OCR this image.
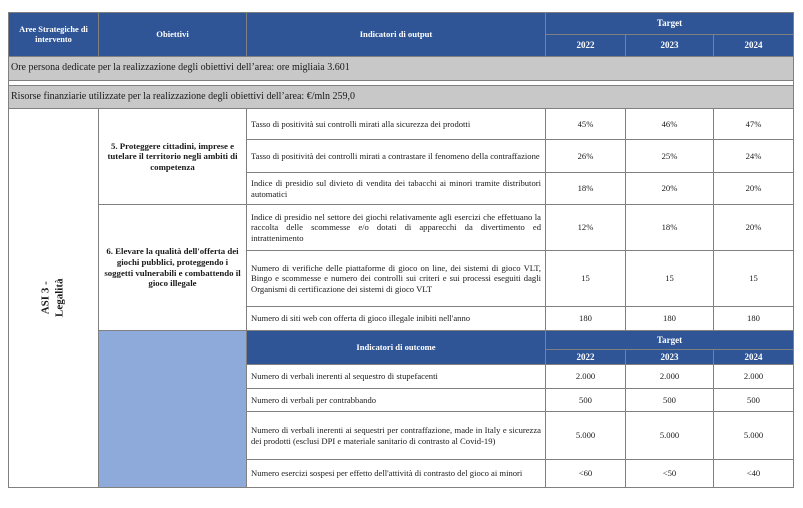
Aree Strategiche di intervento	Obiettivi	Indicatori di output	Target		
			2022	2023	2024
Ore persona dedicate per la realizzazione degli obiettivi dell’area: ore migliaia 3.601					

Risorse finanziarie utilizzate per la realizzazione degli obiettivi dell’area: €/mln 259,0					

ASI 3 - Legalità	5. Proteggere cittadini, imprese e tutelare il territorio negli ambiti di competenza	Tasso di positività sui controlli mirati alla sicurezza dei prodotti	45%	46%	47%
		Tasso di positività dei controlli mirati a contrastare il fenomeno della contraffazione	26%	25%	24%
		Indice di presidio sul divieto di vendita dei tabacchi ai minori tramite distributori automatici	18%	20%	20%
	6. Elevare la qualità dell'offerta dei giochi pubblici, proteggendo i soggetti vulnerabili e combattendo il gioco illegale	Indice di presidio nel settore dei giochi relativamente agli esercizi che effettuano la raccolta delle scommesse e/o dotati di apparecchi da divertimento ed intrattenimento	12%	18%	20%
		Numero di verifiche delle piattaforme di gioco on line, dei sistemi di gioco VLT, Bingo e scommesse e numero dei controlli sui criteri e sui processi eseguiti dagli Organismi di certificazione dei sistemi di gioco VLT	15	15	15
		Numero di siti web con offerta di gioco illegale inibiti nell'anno	180	180	180
		Indicatori di outcome	Target		
			2022	2023	2024
		Numero di verbali inerenti al sequestro di stupefacenti	2.000	2.000	2.000
		Numero di verbali per contrabbando	500	500	500
		Numero di verbali inerenti ai sequestri per contraffazione, made in Italy e sicurezza dei prodotti (esclusi DPI e materiale sanitario di contrasto al Covid-19)	5.000	5.000	5.000
		Numero esercizi sospesi per effetto dell'attività di contrasto del gioco ai minori	<60	<50	<40
